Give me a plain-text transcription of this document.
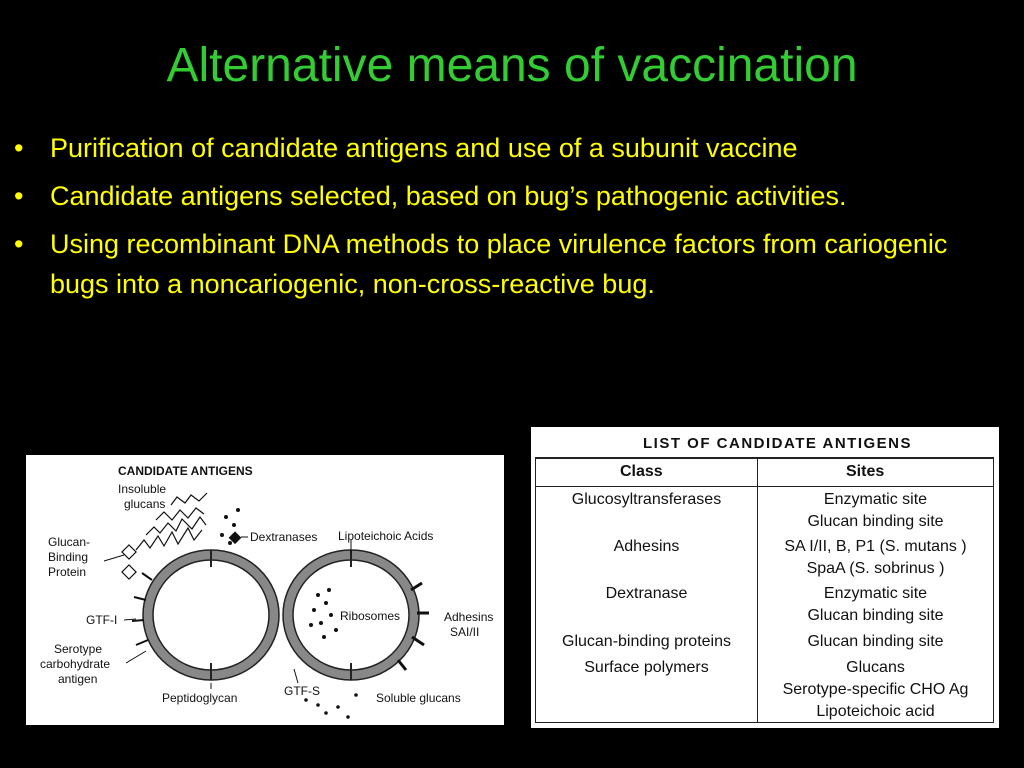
Alternative means of vaccination
• Purification of candidate antigens and use of a subunit vaccine
• Candidate antigens selected, based on bug’s pathogenic activities.
• Using recombinant DNA methods to place virulence factors from cariogenic bugs into a noncariogenic, non-cross-reactive bug.
CANDIDATE ANTIGENS
Insoluble
glucans
Dextranases
Glucan-
Binding
Protein
Lipoteichoic Acids
GTF-I	Ribosomes	Adhesins
SAI/II
Serotype
carbohydrate
antigen
Peptidoglycan	GTF-S	Soluble glucans
LIST OF CANDIDATE ANTIGENS
Class	Sites
Glucosyltransferases	Enzymatic site
Glucan binding site
Adhesins	SA I/II, B, P1 (S. mutans )
SpaA (S. sobrinus )
Dextranase	Enzymatic site
Glucan binding site
Glucan-binding proteins	Glucan binding site
Surface polymers	Glucans
Serotype-specific CHO Ag
Lipoteichoic acid
